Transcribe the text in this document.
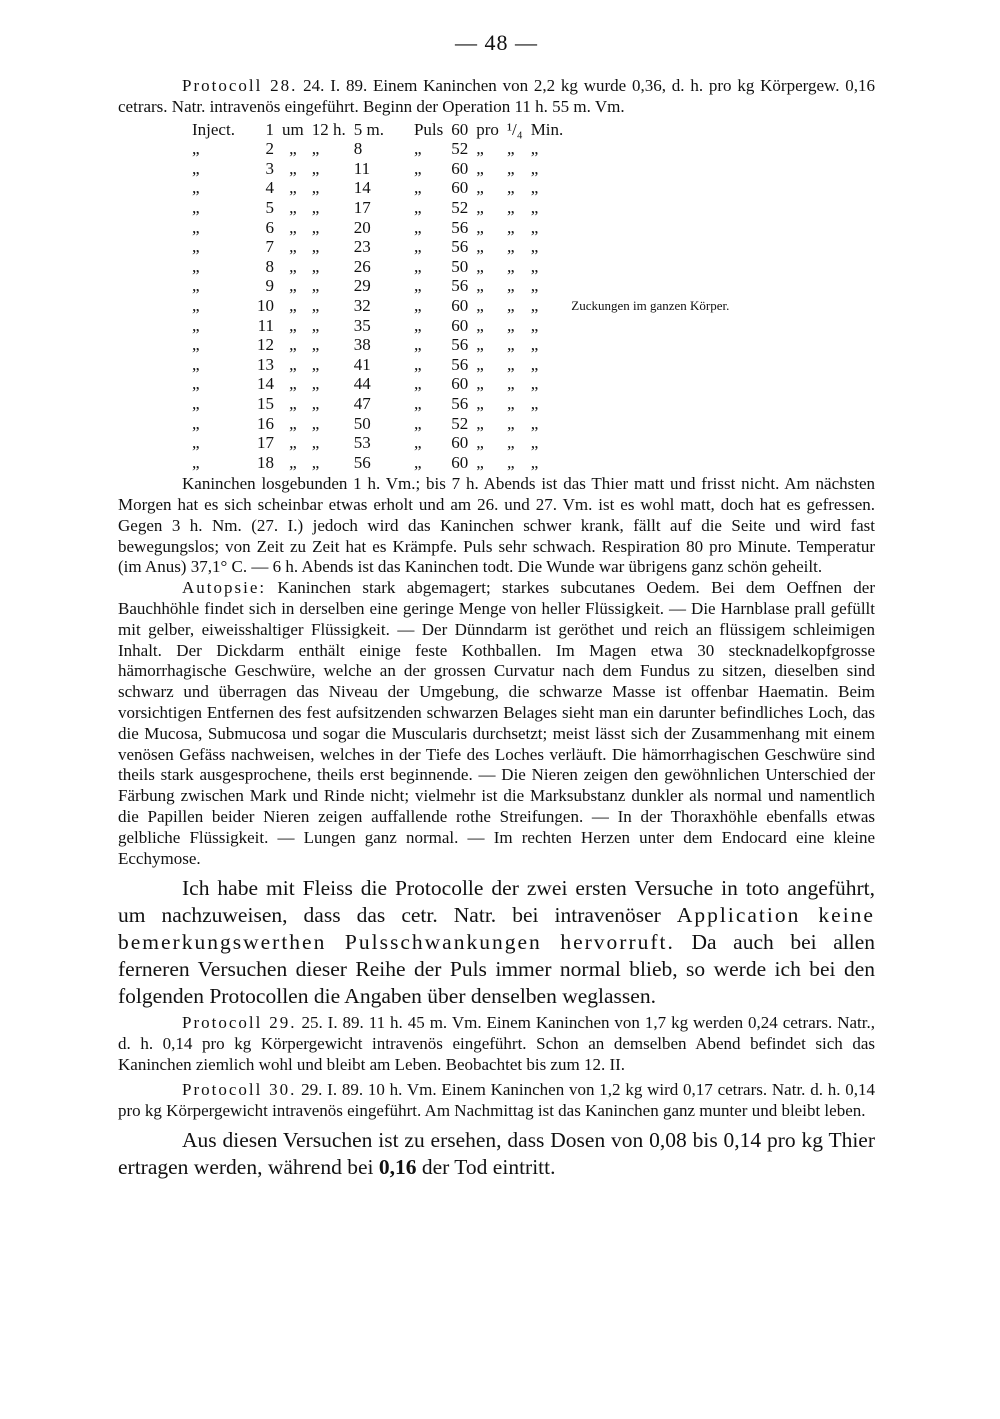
— 48 —

Protocoll 28. 24. I. 89. Einem Kaninchen von 2,2 kg wurde 0,36, d. h. pro kg Körpergew. 0,16 cetrars. Natr. intravenös eingeführt. Beginn der Operation 11 h. 55 m. Vm.

Inject.	1	um	12 h.	5 m.	Puls	60	pro	¹/₄	Min.	
„	2	„	„	8	„	52	„	„	„	
„	3	„	„	11	„	60	„	„	„	
„	4	„	„	14	„	60	„	„	„	
„	5	„	„	17	„	52	„	„	„	
„	6	„	„	20	„	56	„	„	„	
„	7	„	„	23	„	56	„	„	„	
„	8	„	„	26	„	50	„	„	„	
„	9	„	„	29	„	56	„	„	„	
„	10	„	„	32	„	60	„	„	„	Zuckungen im ganzen Körper.
„	11	„	„	35	„	60	„	„	„	
„	12	„	„	38	„	56	„	„	„	
„	13	„	„	41	„	56	„	„	„	
„	14	„	„	44	„	60	„	„	„	
„	15	„	„	47	„	56	„	„	„	
„	16	„	„	50	„	52	„	„	„	
„	17	„	„	53	„	60	„	„	„	
„	18	„	„	56	„	60	„	„	„	

Kaninchen losgebunden 1 h. Vm.; bis 7 h. Abends ist das Thier matt und frisst nicht. Am nächsten Morgen hat es sich scheinbar etwas erholt und am 26. und 27. Vm. ist es wohl matt, doch hat es gefressen. Gegen 3 h. Nm. (27. I.) jedoch wird das Kaninchen schwer krank, fällt auf die Seite und wird fast bewegungslos; von Zeit zu Zeit hat es Krämpfe. Puls sehr schwach. Respiration 80 pro Minute. Temperatur (im Anus) 37,1° C. — 6 h. Abends ist das Kaninchen todt. Die Wunde war übrigens ganz schön geheilt.

Autopsie: Kaninchen stark abgemagert; starkes subcutanes Oedem. Bei dem Oeffnen der Bauchhöhle findet sich in derselben eine geringe Menge von heller Flüssigkeit. — Die Harnblase prall gefüllt mit gelber, eiweisshaltiger Flüssigkeit. — Der Dünndarm ist geröthet und reich an flüssigem schleimigen Inhalt. Der Dickdarm enthält einige feste Kothballen. Im Magen etwa 30 stecknadelkopfgrosse hämorrhagische Geschwüre, welche an der grossen Curvatur nach dem Fundus zu sitzen, dieselben sind schwarz und überragen das Niveau der Umgebung, die schwarze Masse ist offenbar Haematin. Beim vorsichtigen Entfernen des fest aufsitzenden schwarzen Belages sieht man ein darunter befindliches Loch, das die Mucosa, Submucosa und sogar die Muscularis durchsetzt; meist lässt sich der Zusammenhang mit einem venösen Gefäss nachweisen, welches in der Tiefe des Loches verläuft. Die hämorrhagischen Geschwüre sind theils stark ausgesprochene, theils erst beginnende. — Die Nieren zeigen den gewöhnlichen Unterschied der Färbung zwischen Mark und Rinde nicht; vielmehr ist die Marksubstanz dunkler als normal und namentlich die Papillen beider Nieren zeigen auffallende rothe Streifungen. — In der Thoraxhöhle ebenfalls etwas gelbliche Flüssigkeit. — Lungen ganz normal. — Im rechten Herzen unter dem Endocard eine kleine Ecchymose.

Ich habe mit Fleiss die Protocolle der zwei ersten Versuche in toto angeführt, um nachzuweisen, dass das cetr. Natr. bei intravenöser Application keine bemerkungswerthen Pulsschwankungen hervorruft. Da auch bei allen ferneren Versuchen dieser Reihe der Puls immer normal blieb, so werde ich bei den folgenden Protocollen die Angaben über denselben weglassen.

Protocoll 29. 25. I. 89. 11 h. 45 m. Vm. Einem Kaninchen von 1,7 kg werden 0,24 cetrars. Natr., d. h. 0,14 pro kg Körpergewicht intravenös eingeführt. Schon an demselben Abend befindet sich das Kaninchen ziemlich wohl und bleibt am Leben. Beobachtet bis zum 12. II.

Protocoll 30. 29. I. 89. 10 h. Vm. Einem Kaninchen von 1,2 kg wird 0,17 cetrars. Natr. d. h. 0,14 pro kg Körpergewicht intravenös eingeführt. Am Nachmittag ist das Kaninchen ganz munter und bleibt leben.

Aus diesen Versuchen ist zu ersehen, dass Dosen von 0,08 bis 0,14 pro kg Thier ertragen werden, während bei 0,16 der Tod eintritt.
